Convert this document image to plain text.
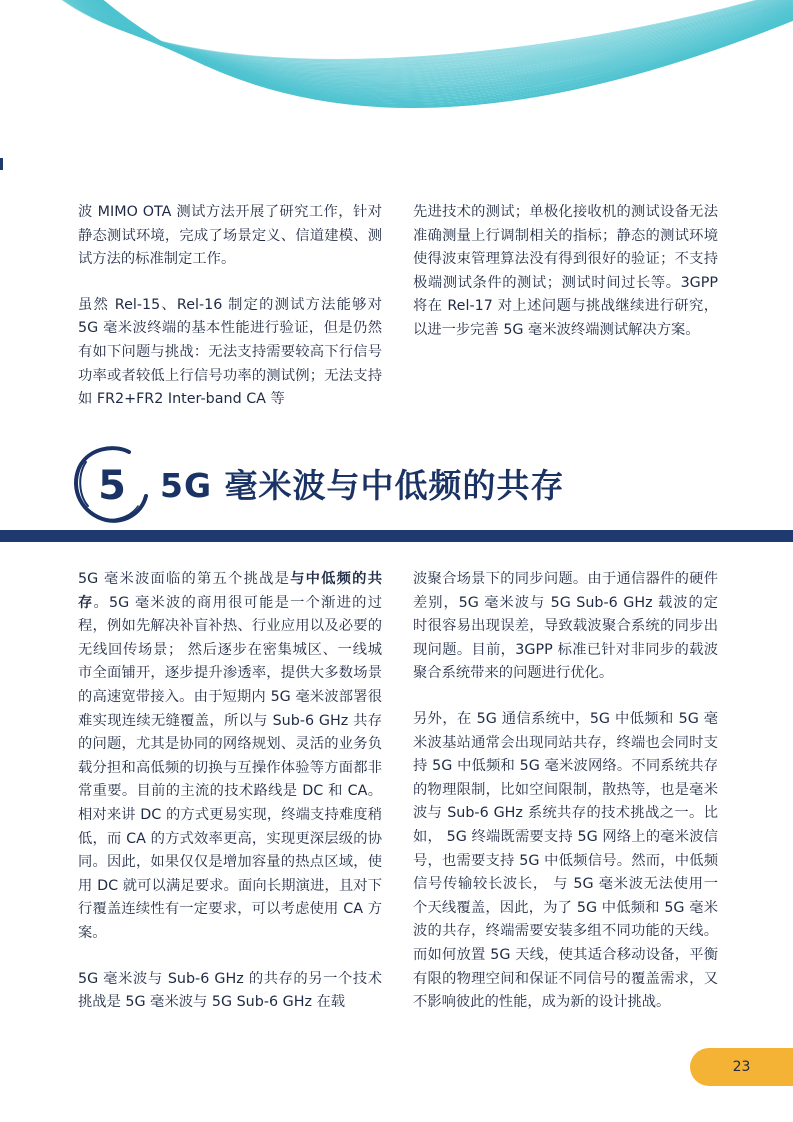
波 MIMO OTA 测试方法开展了研究工作，针对静态测试环境，完成了场景定义、信道建模、测试方法的标准制定工作。

虽然 Rel-15、Rel-16 制定的测试方法能够对 5G 毫米波终端的基本性能进行验证，但是仍然有如下问题与挑战：无法支持需要较高下行信号功率或者较低上行信号功率的测试例；无法支持如 FR2+FR2 Inter-band CA 等

先进技术的测试；单极化接收机的测试设备无法准确测量上行调制相关的指标；静态的测试环境使得波束管理算法没有得到很好的验证；不支持极端测试条件的测试；测试时间过长等。3GPP 将在 Rel-17 对上述问题与挑战继续进行研究，以进一步完善 5G 毫米波终端测试解决方案。

5 5G 毫米波与中低频的共存

5G 毫米波面临的第五个挑战是与中低频的共存。5G 毫米波的商用很可能是一个渐进的过程，例如先解决补盲补热、行业应用以及必要的无线回传场景； 然后逐步在密集城区、一线城市全面铺开，逐步提升渗透率，提供大多数场景的高速宽带接入。由于短期内 5G 毫米波部署很难实现连续无缝覆盖，所以与 Sub-6 GHz 共存的问题，尤其是协同的网络规划、灵活的业务负载分担和高低频的切换与互操作体验等方面都非常重要。目前的主流的技术路线是 DC 和 CA。相对来讲 DC 的方式更易实现，终端支持难度稍低，而 CA 的方式效率更高，实现更深层级的协同。因此，如果仅仅是增加容量的热点区域，使用 DC 就可以满足要求。面向长期演进，且对下行覆盖连续性有一定要求，可以考虑使用 CA 方案。

5G 毫米波与 Sub-6 GHz 的共存的另一个技术挑战是 5G 毫米波与 5G Sub-6 GHz 在载

波聚合场景下的同步问题。由于通信器件的硬件差别，5G 毫米波与 5G Sub-6 GHz 载波的定时很容易出现误差，导致载波聚合系统的同步出现问题。目前，3GPP 标准已针对非同步的载波聚合系统带来的问题进行优化。

另外，在 5G 通信系统中，5G 中低频和 5G 毫米波基站通常会出现同站共存，终端也会同时支持 5G 中低频和 5G 毫米波网络。不同系统共存的物理限制，比如空间限制，散热等，也是毫米波与 Sub-6 GHz 系统共存的技术挑战之一。比如， 5G 终端既需要支持 5G 网络上的毫米波信号，也需要支持 5G 中低频信号。然而，中低频信号传输较长波长， 与 5G 毫米波无法使用一个天线覆盖，因此，为了 5G 中低频和 5G 毫米波的共存，终端需要安装多组不同功能的天线。而如何放置 5G 天线，使其适合移动设备，平衡有限的物理空间和保证不同信号的覆盖需求，又不影响彼此的性能，成为新的设计挑战。

23
